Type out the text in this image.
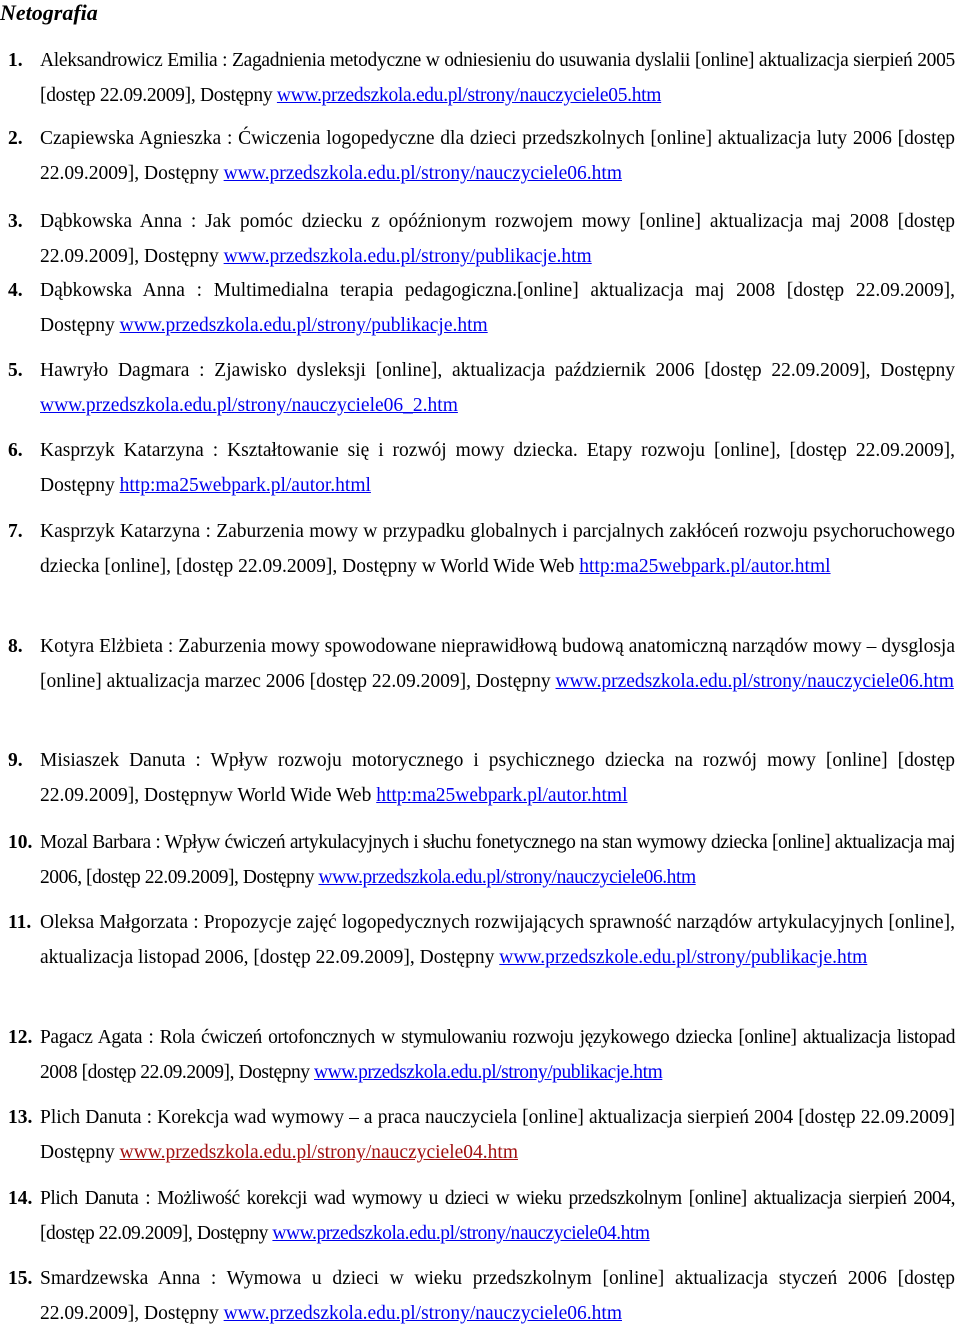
Netografia
1. Aleksandrowicz Emilia : Zagadnienia metodyczne w odniesieniu do usuwania dyslalii [online] aktualizacja sierpień 2005 [dostęp 22.09.2009], Dostępny www.przedszkola.edu.pl/strony/nauczyciele05.htm
2. Czapiewska Agnieszka : Ćwiczenia logopedyczne dla dzieci przedszkolnych [online] aktualizacja luty 2006 [dostęp 22.09.2009], Dostępny www.przedszkola.edu.pl/strony/nauczyciele06.htm
3. Dąbkowska Anna : Jak pomóc dziecku z opóźnionym rozwojem mowy [online] aktualizacja maj 2008 [dostęp 22.09.2009], Dostępny www.przedszkola.edu.pl/strony/publikacje.htm
4. Dąbkowska Anna : Multimedialna terapia pedagogiczna.[online] aktualizacja maj 2008 [dostęp 22.09.2009], Dostępny www.przedszkola.edu.pl/strony/publikacje.htm
5. Hawryło Dagmara : Zjawisko dysleksji [online], aktualizacja październik 2006 [dostęp 22.09.2009], Dostępny www.przedszkola.edu.pl/strony/nauczyciele06_2.htm
6. Kasprzyk Katarzyna : Kształtowanie się i rozwój mowy dziecka. Etapy rozwoju [online], [dostęp 22.09.2009], Dostępny http:ma25webpark.pl/autor.html
7. Kasprzyk Katarzyna : Zaburzenia mowy w przypadku globalnych i parcjalnych zakłóceń rozwoju psychoruchowego dziecka [online], [dostęp 22.09.2009], Dostępny w World Wide Web http:ma25webpark.pl/autor.html
8. Kotyra Elżbieta : Zaburzenia mowy spowodowane nieprawidłową budową anatomiczną narządów mowy – dysglosja [online] aktualizacja marzec 2006 [dostęp 22.09.2009], Dostępny www.przedszkola.edu.pl/strony/nauczyciele06.htm
9. Misiaszek Danuta : Wpływ rozwoju motorycznego i psychicznego dziecka na rozwój mowy [online] [dostęp 22.09.2009], Dostępnyw World Wide Web http:ma25webpark.pl/autor.html
10. Mozal Barbara : Wpływ ćwiczeń artykulacyjnych i słuchu fonetycznego na stan wymowy dziecka [online] aktualizacja maj 2006, [dostęp 22.09.2009], Dostępny www.przedszkola.edu.pl/strony/nauczyciele06.htm
11. Oleksa Małgorzata : Propozycje zajęć logopedycznych rozwijających sprawność narządów artykulacyjnych [online], aktualizacja listopad 2006, [dostęp 22.09.2009], Dostępny www.przedszkole.edu.pl/strony/publikacje.htm
12. Pagacz Agata : Rola ćwiczeń ortofoncznych w stymulowaniu rozwoju językowego dziecka [online] aktualizacja listopad 2008 [dostęp 22.09.2009], Dostępny www.przedszkola.edu.pl/strony/publikacje.htm
13. Plich Danuta : Korekcja wad wymowy – a praca nauczyciela [online] aktualizacja sierpień 2004 [dostęp 22.09.2009] Dostępny www.przedszkola.edu.pl/strony/nauczyciele04.htm
14. Plich Danuta : Możliwość korekcji wad wymowy u dzieci w wieku przedszkolnym [online] aktualizacja sierpień 2004, [dostęp 22.09.2009], Dostępny www.przedszkola.edu.pl/strony/nauczyciele04.htm
15. Smardzewska Anna : Wymowa u dzieci w wieku przedszkolnym [online] aktualizacja styczeń 2006 [dostęp 22.09.2009], Dostępny www.przedszkola.edu.pl/strony/nauczyciele06.htm
